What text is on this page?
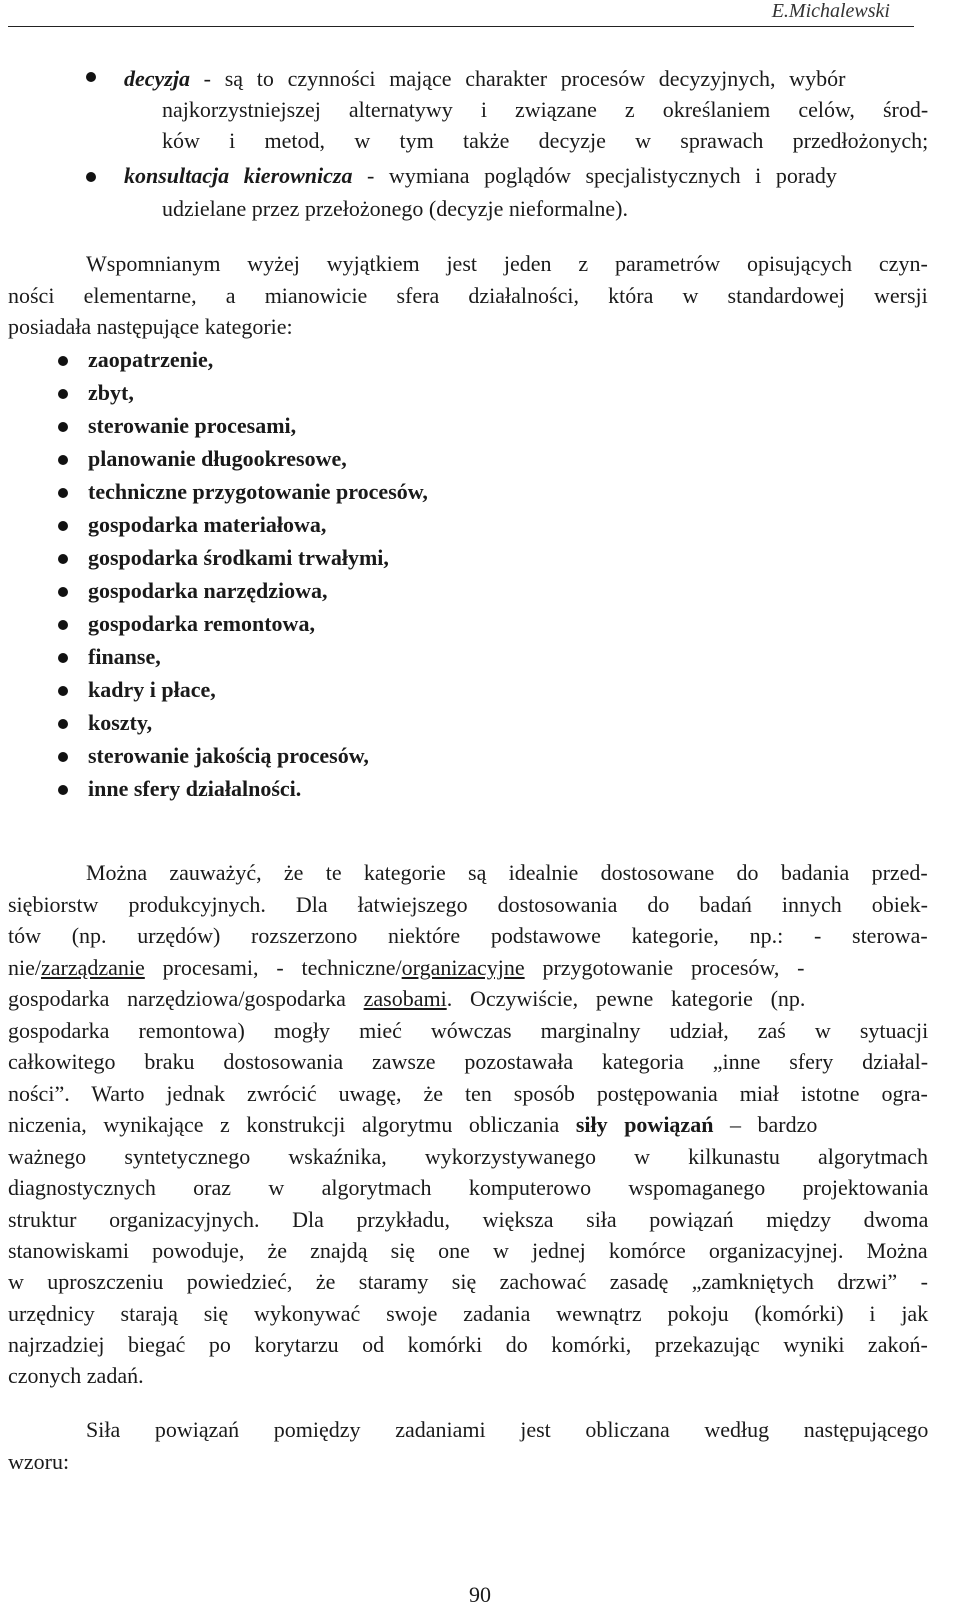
E.Michalewski
decyzja - są to czynności mające charakter procesów decyzyjnych, wybór
najkorzystniejszej alternatywy i związane z określaniem celów, środ-
ków i metod, w tym także decyzje w sprawach przedłożonych;
konsultacja kierownicza - wymiana poglądów specjalistycznych i porady
udzielane przez przełożonego (decyzje nieformalne).
Wspomnianym wyżej wyjątkiem jest jeden z parametrów opisujących czyn-
ności elementarne, a mianowicie sfera działalności, która w standardowej wersji
posiadała następujące kategorie:
zaopatrzenie,
zbyt,
sterowanie procesami,
planowanie długookresowe,
techniczne przygotowanie procesów,
gospodarka materiałowa,
gospodarka środkami trwałymi,
gospodarka narzędziowa,
gospodarka remontowa,
finanse,
kadry i płace,
koszty,
sterowanie jakością procesów,
inne sfery działalności.
Można zauważyć, że te kategorie są idealnie dostosowane do badania przed-
siębiorstw produkcyjnych. Dla łatwiejszego dostosowania do badań innych obiek-
tów (np. urzędów) rozszerzono niektóre podstawowe kategorie, np.: - sterowa-
nie/zarządzanie procesami, - techniczne/organizacyjne przygotowanie procesów, -
gospodarka narzędziowa/gospodarka zasobami. Oczywiście, pewne kategorie (np.
gospodarka remontowa) mogły mieć wówczas marginalny udział, zaś w sytuacji
całkowitego braku dostosowania zawsze pozostawała kategoria „inne sfery działal-
ności”. Warto jednak zwrócić uwagę, że ten sposób postępowania miał istotne ogra-
niczenia, wynikające z konstrukcji algorytmu obliczania siły powiązań – bardzo
ważnego syntetycznego wskaźnika, wykorzystywanego w kilkunastu algorytmach
diagnostycznych oraz w algorytmach komputerowo wspomaganego projektowania
struktur organizacyjnych. Dla przykładu, większa siła powiązań między dwoma
stanowiskami powoduje, że znajdą się one w jednej komórce organizacyjnej. Można
w uproszczeniu powiedzieć, że staramy się zachować zasadę „zamkniętych drzwi” -
urzędnicy starają się wykonywać swoje zadania wewnątrz pokoju (komórki) i jak
najrzadziej biegać po korytarzu od komórki do komórki, przekazując wyniki zakoń-
czonych zadań.
Siła powiązań pomiędzy zadaniami jest obliczana według następującego
wzoru:
90
